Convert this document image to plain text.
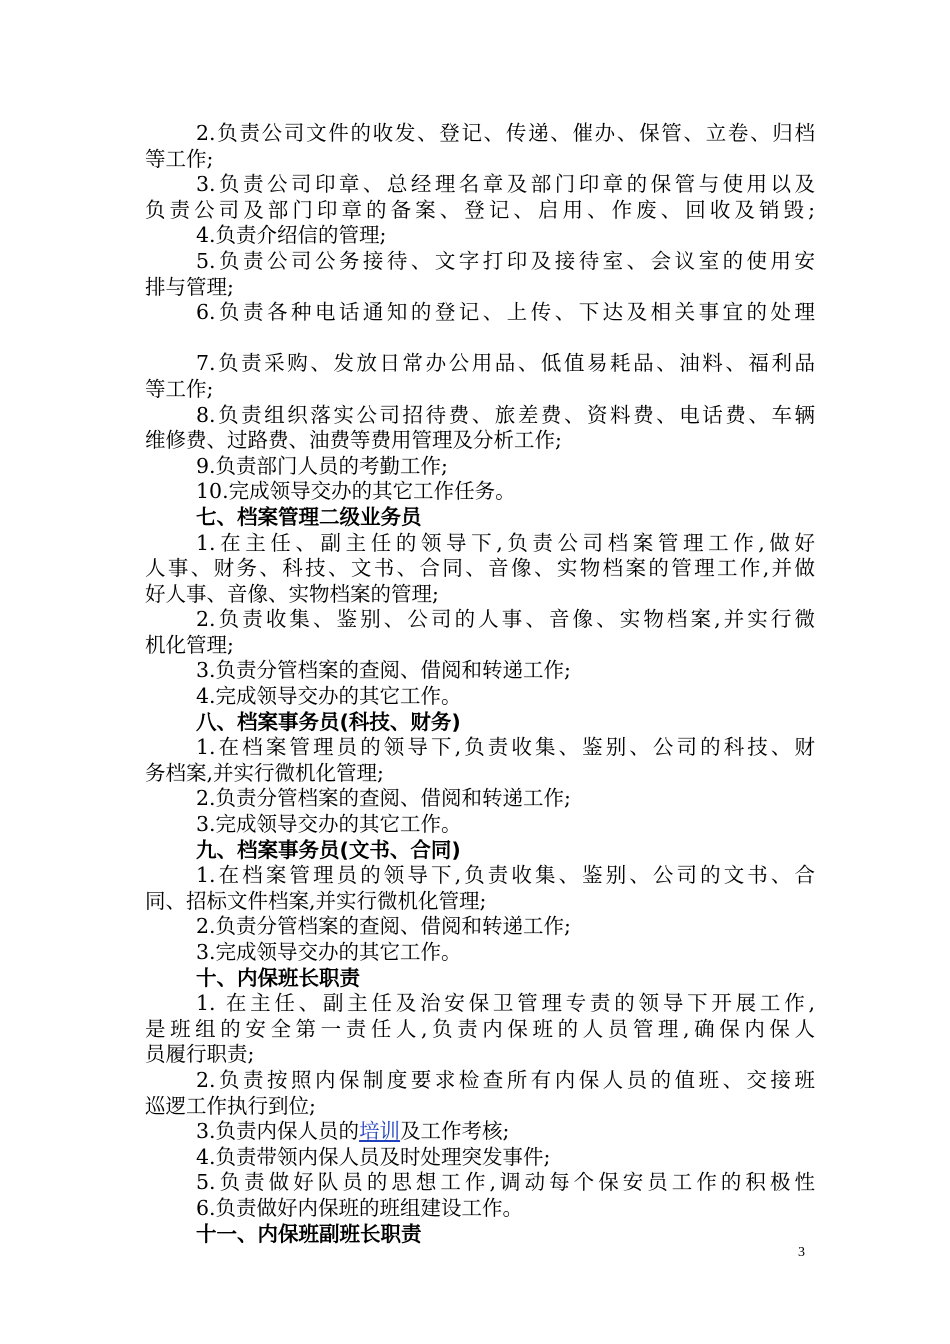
2.负责公司文件的收发、登记、传递、催办、保管、立卷、归档
等工作;
3.负责公司印章、总经理名章及部门印章的保管与使用以及
负责公司及部门印章的备案、登记、启用、作废、回收及销毁;
4.负责介绍信的管理;
5.负责公司公务接待、文字打印及接待室、会议室的使用安
排与管理;
6.负责各种电话通知的登记、上传、下达及相关事宜的处理
7.负责采购、发放日常办公用品、低值易耗品、油料、福利品
等工作;
8.负责组织落实公司招待费、旅差费、资料费、电话费、车辆
维修费、过路费、油费等费用管理及分析工作;
9.负责部门人员的考勤工作;
10.完成领导交办的其它工作任务。
七、档案管理二级业务员
1.在主任、副主任的领导下,负责公司档案管理工作,做好
人事、财务、科技、文书、合同、音像、实物档案的管理工作,并做
好人事、音像、实物档案的管理;
2.负责收集、鉴别、公司的人事、音像、实物档案,并实行微
机化管理;
3.负责分管档案的查阅、借阅和转递工作;
4.完成领导交办的其它工作。
八、档案事务员(科技、财务)
1.在档案管理员的领导下,负责收集、鉴别、公司的科技、财
务档案,并实行微机化管理;
2.负责分管档案的查阅、借阅和转递工作;
3.完成领导交办的其它工作。
九、档案事务员(文书、合同)
1.在档案管理员的领导下,负责收集、鉴别、公司的文书、合
同、招标文件档案,并实行微机化管理;
2.负责分管档案的查阅、借阅和转递工作;
3.完成领导交办的其它工作。
十、内保班长职责
1. 在主任、副主任及治安保卫管理专责的领导下开展工作,
是班组的安全第一责任人,负责内保班的人员管理,确保内保人
员履行职责;
2.负责按照内保制度要求检查所有内保人员的值班、交接班
巡逻工作执行到位;
3.负责内保人员的培训及工作考核;
4.负责带领内保人员及时处理突发事件;
5.负责做好队员的思想工作,调动每个保安员工作的积极性
6.负责做好内保班的班组建设工作。
十一、内保班副班长职责
3
